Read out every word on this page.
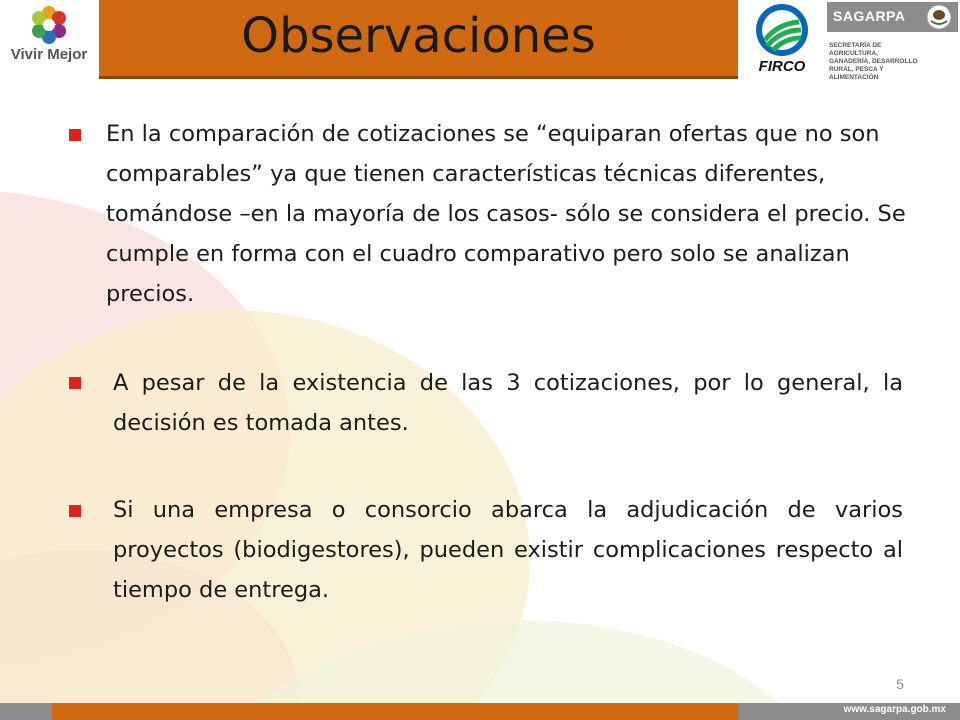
Vivir Mejor	Observaciones
FIRCO
SAGARPA
SECRETARÍA DE AGRICULTURA, GANADERÍA, DESARROLLO RURAL, PESCA Y ALIMENTACIÓN
En la comparación de cotizaciones se “equiparan ofertas que no son comparables” ya que tienen características técnicas diferentes, tomándose –en la mayoría de los casos- sólo se considera el precio. Se cumple en forma con el cuadro comparativo pero solo se analizan precios.
A pesar de la existencia de las 3 cotizaciones, por lo general, la decisión es tomada antes.
Si una empresa o consorcio abarca la adjudicación de varios proyectos (biodigestores), pueden existir complicaciones respecto al tiempo de entrega.
5
www.sagarpa.gob.mx
